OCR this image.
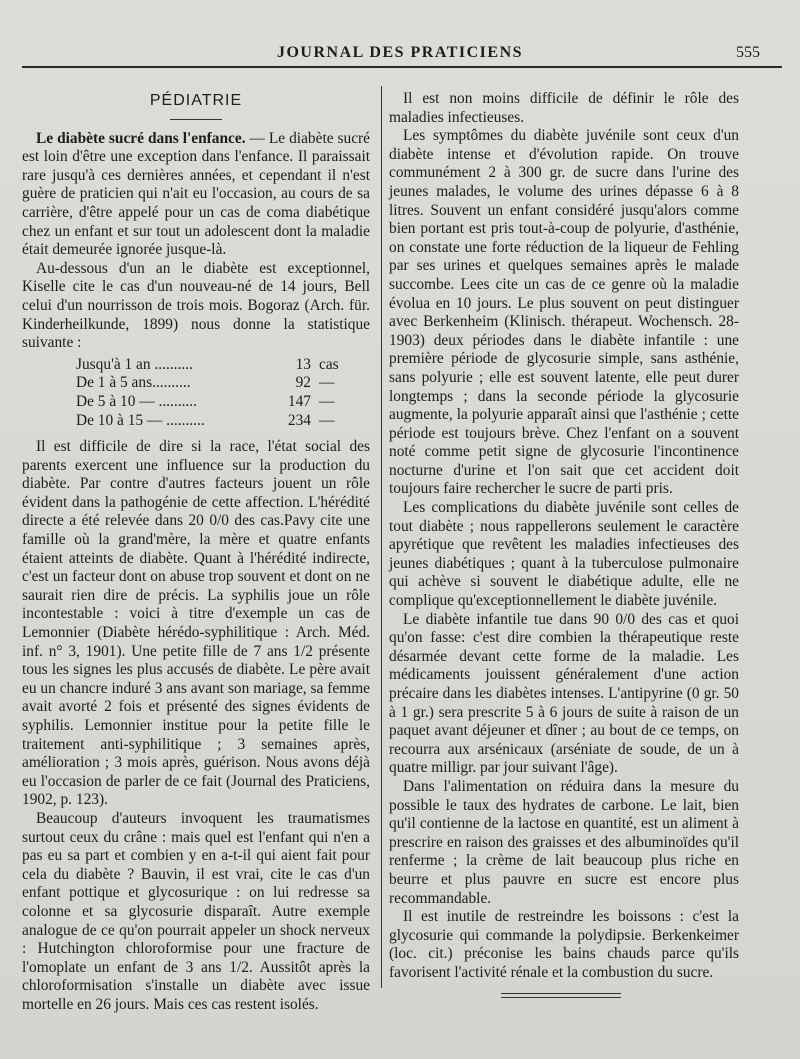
JOURNAL DES PRATICIENS	555
PÉDIATRIE

Le diabète sucré dans l'enfance. — Le diabète sucré est loin d'être une exception dans l'enfance. Il paraissait rare jusqu'à ces dernières années, et cependant il n'est guère de praticien qui n'ait eu l'occasion, au cours de sa carrière, d'être appelé pour un cas de coma diabétique chez un enfant et sur tout un adolescent dont la maladie était demeurée ignorée jusque-là.

Au-dessous d'un an le diabète est exceptionnel, Kiselle cite le cas d'un nouveau-né de 14 jours, Bell celui d'un nourrisson de trois mois. Bogoraz (Arch. für. Kinderheilkunde, 1899) nous donne la statistique suivante :

Jusqu'à 1 an ..........	13 cas
De 1 à 5 ans..........	92 —
De 5 à 10 — ..........	147 —
De 10 à 15 — ..........	234 —

Il est difficile de dire si la race, l'état social des parents exercent une influence sur la production du diabète. Par contre d'autres facteurs jouent un rôle évident dans la pathogénie de cette affection. L'hérédité directe a été relevée dans 20 0/0 des cas.Pavy cite une famille où la grand'mère, la mère et quatre enfants étaient atteints de diabète. Quant à l'hérédité indirecte, c'est un facteur dont on abuse trop souvent et dont on ne saurait rien dire de précis. La syphilis joue un rôle incontestable : voici à titre d'exemple un cas de Lemonnier (Diabète hérédo-syphilitique : Arch. Méd. inf. n° 3, 1901). Une petite fille de 7 ans 1/2 présente tous les signes les plus accusés de diabète. Le père avait eu un chancre induré 3 ans avant son mariage, sa femme avait avorté 2 fois et présenté des signes évidents de syphilis. Lemonnier institue pour la petite fille le traitement anti-syphilitique ; 3 semaines après, amélioration ; 3 mois après, guérison. Nous avons déjà eu l'occasion de parler de ce fait (Journal des Praticiens, 1902, p. 123).

Beaucoup d'auteurs invoquent les traumatismes surtout ceux du crâne : mais quel est l'enfant qui n'en a pas eu sa part et combien y en a-t-il qui aient fait pour cela du diabète ? Bauvin, il est vrai, cite le cas d'un enfant pottique et glycosurique : on lui redresse sa colonne et sa glycosurie disparaît. Autre exemple analogue de ce qu'on pourrait appeler un shock nerveux : Hutchington chloroformise pour une fracture de l'omoplate un enfant de 3 ans 1/2. Aussitôt après la chloroformisation s'installe un diabète avec issue mortelle en 26 jours. Mais ces cas restent isolés.

Il est non moins difficile de définir le rôle des maladies infectieuses.

Les symptômes du diabète juvénile sont ceux d'un diabète intense et d'évolution rapide. On trouve communément 2 à 300 gr. de sucre dans l'urine des jeunes malades, le volume des urines dépasse 6 à 8 litres. Souvent un enfant considéré jusqu'alors comme bien portant est pris tout-à-coup de polyurie, d'asthénie, on constate une forte réduction de la liqueur de Fehling par ses urines et quelques semaines après le malade succombe. Lees cite un cas de ce genre où la maladie évolua en 10 jours. Le plus souvent on peut distinguer avec Berkenheim (Klinisch. thérapeut. Wochensch. 28-1903) deux périodes dans le diabète infantile : une première période de glycosurie simple, sans asthénie, sans polyurie ; elle est souvent latente, elle peut durer longtemps ; dans la seconde période la glycosurie augmente, la polyurie apparaît ainsi que l'asthénie ; cette période est toujours brève. Chez l'enfant on a souvent noté comme petit signe de glycosurie l'incontinence nocturne d'urine et l'on sait que cet accident doit toujours faire rechercher le sucre de parti pris.

Les complications du diabète juvénile sont celles de tout diabète ; nous rappellerons seulement le caractère apyrétique que revêtent les maladies infectieuses des jeunes diabétiques ; quant à la tuberculose pulmonaire qui achève si souvent le diabétique adulte, elle ne complique qu'exceptionnellement le diabète juvénile.

Le diabète infantile tue dans 90 0/0 des cas et quoi qu'on fasse: c'est dire combien la thérapeutique reste désarmée devant cette forme de la maladie. Les médicaments jouissent généralement d'une action précaire dans les diabètes intenses. L'antipyrine (0 gr. 50 à 1 gr.) sera prescrite 5 à 6 jours de suite à raison de un paquet avant déjeuner et dîner ; au bout de ce temps, on recourra aux arsénicaux (arséniate de soude, de un à quatre milligr. par jour suivant l'âge).

Dans l'alimentation on réduira dans la mesure du possible le taux des hydrates de carbone. Le lait, bien qu'il contienne de la lactose en quantité, est un aliment à prescrire en raison des graisses et des albuminoïdes qu'il renferme ; la crème de lait beaucoup plus riche en beurre et plus pauvre en sucre est encore plus recommandable.

Il est inutile de restreindre les boissons : c'est la glycosurie qui commande la polydipsie. Berkenkeimer (loc. cit.) préconise les bains chauds parce qu'ils favorisent l'activité rénale et la combustion du sucre.
